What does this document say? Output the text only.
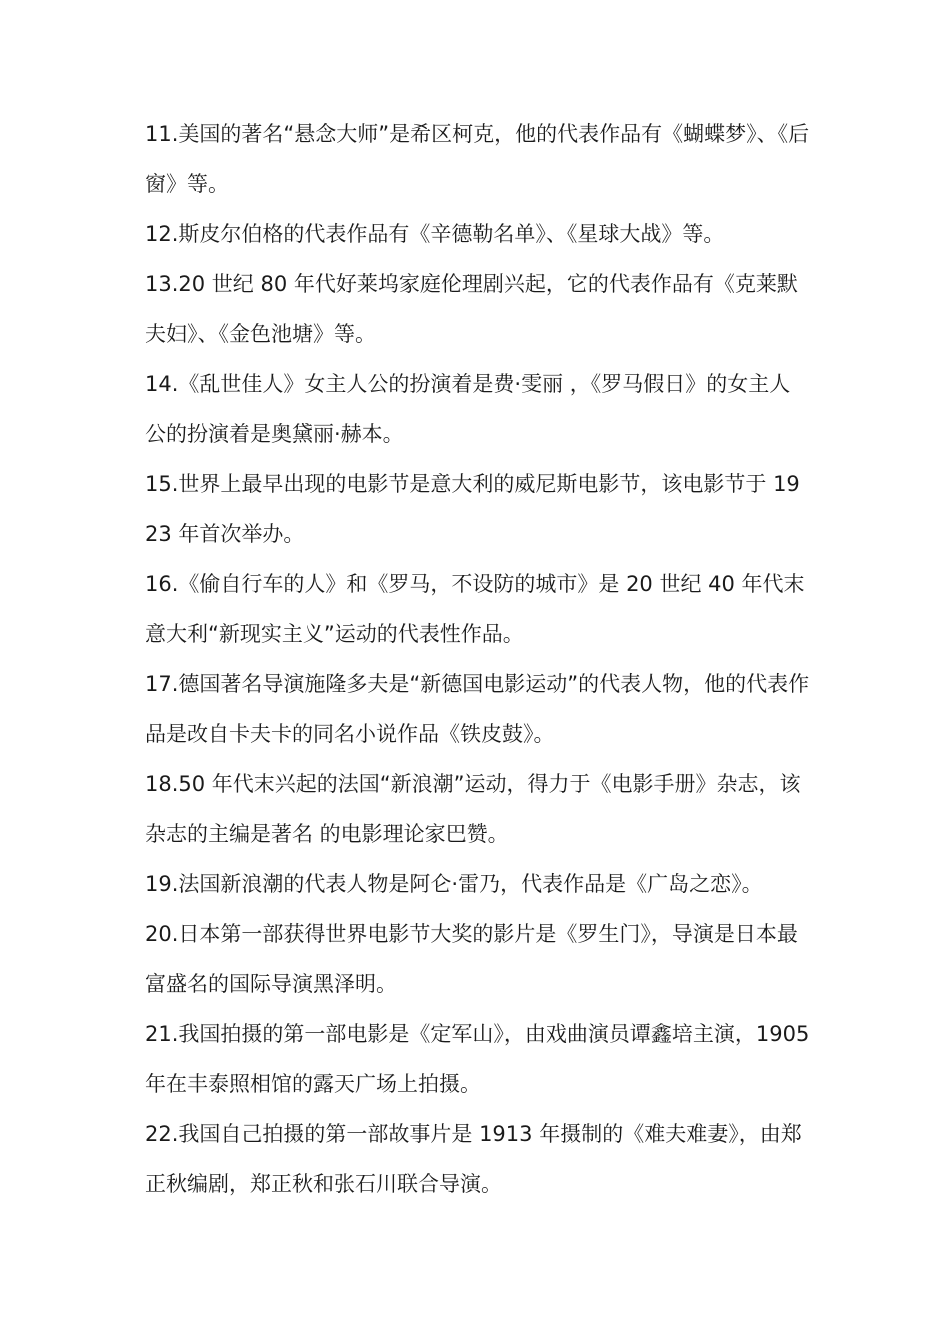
11.美国的著名“悬念大师”是希区柯克，他的代表作品有《蝴蝶梦》、《后窗》等。

12.斯皮尔伯格的代表作品有《辛德勒名单》、《星球大战》等。

13.20 世纪 80 年代好莱坞家庭伦理剧兴起，它的代表作品有《克莱默夫妇》、《金色池塘》等。

14.《乱世佳人》女主人公的扮演着是费·雯丽 ，《罗马假日》的女主人公的扮演着是奥黛丽·赫本。

15.世界上最早出现的电影节是意大利的威尼斯电影节，该电影节于 1923 年首次举办。

16.《偷自行车的人》和《罗马，不设防的城市》是 20 世纪 40 年代末意大利“新现实主义”运动的代表性作品。

17.德国著名导演施隆多夫是“新德国电影运动”的代表人物，他的代表作品是改自卡夫卡的同名小说作品《铁皮鼓》。

18.50 年代末兴起的法国“新浪潮”运动，得力于《电影手册》杂志，该杂志的主编是著名 的电影理论家巴赞。

19.法国新浪潮的代表人物是阿仑·雷乃，代表作品是《广岛之恋》。

20.日本第一部获得世界电影节大奖的影片是《罗生门》，导演是日本最富盛名的国际导演黑泽明。

21.我国拍摄的第一部电影是《定军山》，由戏曲演员谭鑫培主演，1905 年在丰泰照相馆的露天广场上拍摄。

22.我国自己拍摄的第一部故事片是 1913 年摄制的《难夫难妻》，由郑正秋编剧，郑正秋和张石川联合导演。
